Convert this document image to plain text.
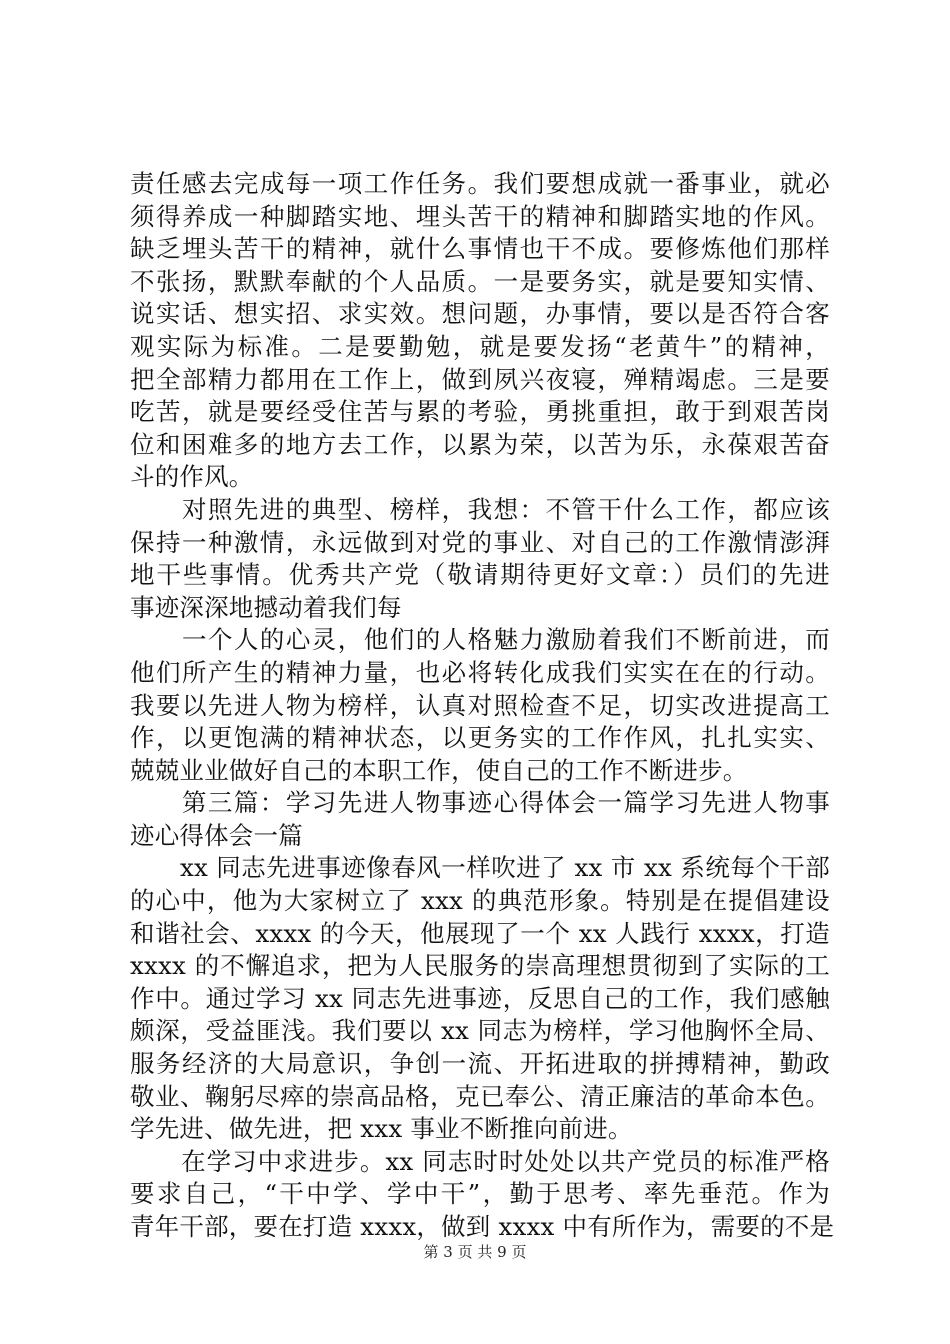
责任感去完成每一项工作任务。我们要想成就一番事业，就必
须得养成一种脚踏实地、埋头苦干的精神和脚踏实地的作风。
缺乏埋头苦干的精神，就什么事情也干不成。要修炼他们那样
不张扬，默默奉献的个人品质。一是要务实，就是要知实情、
说实话、想实招、求实效。想问题，办事情，要以是否符合客
观实际为标准。二是要勤勉，就是要发扬“老黄牛”的精神，
把全部精力都用在工作上，做到夙兴夜寝，殚精竭虑。三是要
吃苦，就是要经受住苦与累的考验，勇挑重担，敢于到艰苦岗
位和困难多的地方去工作，以累为荣，以苦为乐，永葆艰苦奋
斗的作风。
　　对照先进的典型、榜样，我想：不管干什么工作，都应该
保持一种激情，永远做到对党的事业、对自己的工作激情澎湃
地干些事情。优秀共产党（敬请期待更好文章：）员们的先进
事迹深深地撼动着我们每
　　一个人的心灵，他们的人格魅力激励着我们不断前进，而
他们所产生的精神力量，也必将转化成我们实实在在的行动。
我要以先进人物为榜样，认真对照检查不足，切实改进提高工
作，以更饱满的精神状态，以更务实的工作作风，扎扎实实、
兢兢业业做好自己的本职工作，使自己的工作不断进步。
　　第三篇：学习先进人物事迹心得体会一篇学习先进人物事
迹心得体会一篇
　　xx 同志先进事迹像春风一样吹进了 xx 市 xx 系统每个干部
的心中，他为大家树立了 xxx 的典范形象。特别是在提倡建设
和谐社会、xxxx 的今天，他展现了一个 xx 人践行 xxxx，打造
xxxx 的不懈追求，把为人民服务的崇高理想贯彻到了实际的工
作中。通过学习 xx 同志先进事迹，反思自己的工作，我们感触
颇深，受益匪浅。我们要以 xx 同志为榜样，学习他胸怀全局、
服务经济的大局意识，争创一流、开拓进取的拼搏精神，勤政
敬业、鞠躬尽瘁的崇高品格，克已奉公、清正廉洁的革命本色。
学先进、做先进，把 xxx 事业不断推向前进。
　　在学习中求进步。xx 同志时时处处以共产党员的标准严格
要求自己，“干中学、学中干”，勤于思考、率先垂范。作为
青年干部，要在打造 xxxx，做到 xxxx 中有所作为，需要的不是
第 3 页 共 9 页
